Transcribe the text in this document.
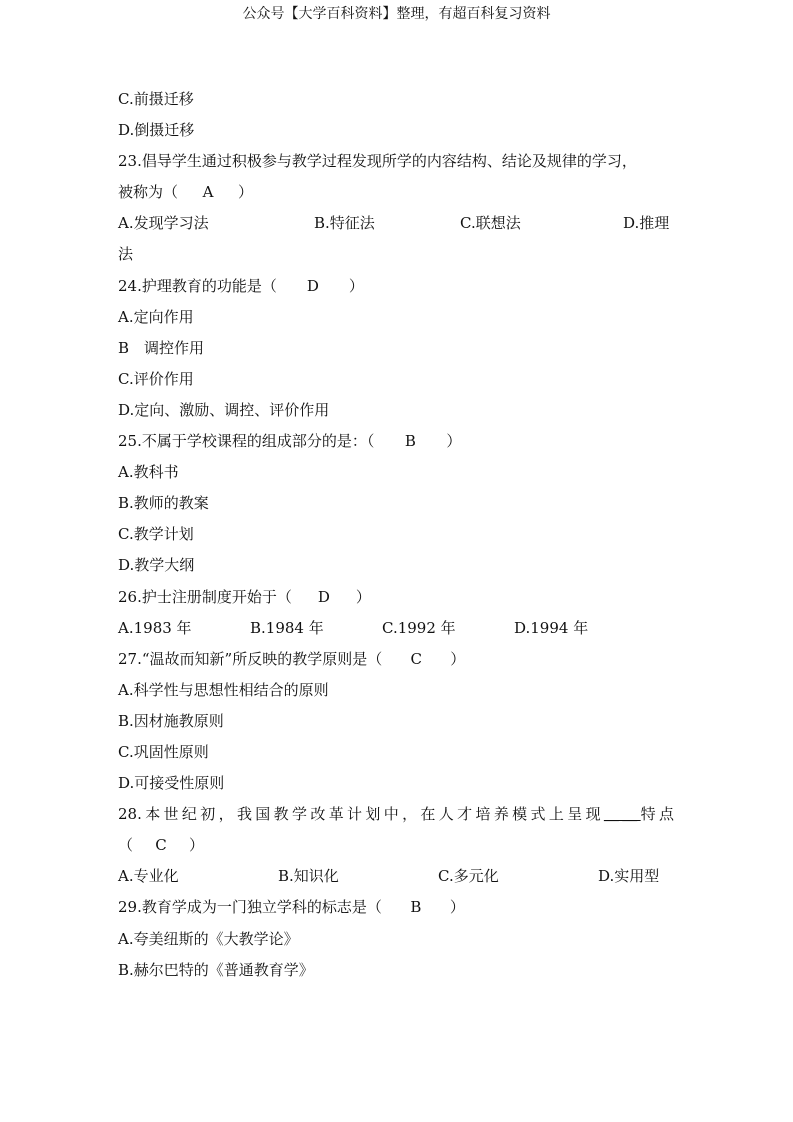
公众号【大学百科资料】整理，有超百科复习资料
C.前摄迁移
D.倒摄迁移
23.倡导学生通过积极参与教学过程发现所学的内容结构、结论及规律的学习，
被称为（ A ）
A.发现学习法	B.特征法	C.联想法	D.推理
法
24.护理教育的功能是（ D ）
A.定向作用
B　调控作用
C.评价作用
D.定向、激励、调控、评价作用
25.不属于学校课程的组成部分的是：（ B ）
A.教科书
B.教师的教案
C.教学计划
D.教学大纲
26.护士注册制度开始于（ D ）
A.1983 年	B.1984 年	C.1992 年	D.1994 年
27.“温故而知新”所反映的教学原则是（ C ）
A.科学性与思想性相结合的原则
B.因材施教原则
C.巩固性原则
D.可接受性原则
28.本世纪初，我国教学改革计划中，在人才培养模式上呈现＿＿特点
（ C ）
A.专业化	B.知识化	C.多元化	D.实用型
29.教育学成为一门独立学科的标志是（ B ）
A.夸美纽斯的《大教学论》
B.赫尔巴特的《普通教育学》
